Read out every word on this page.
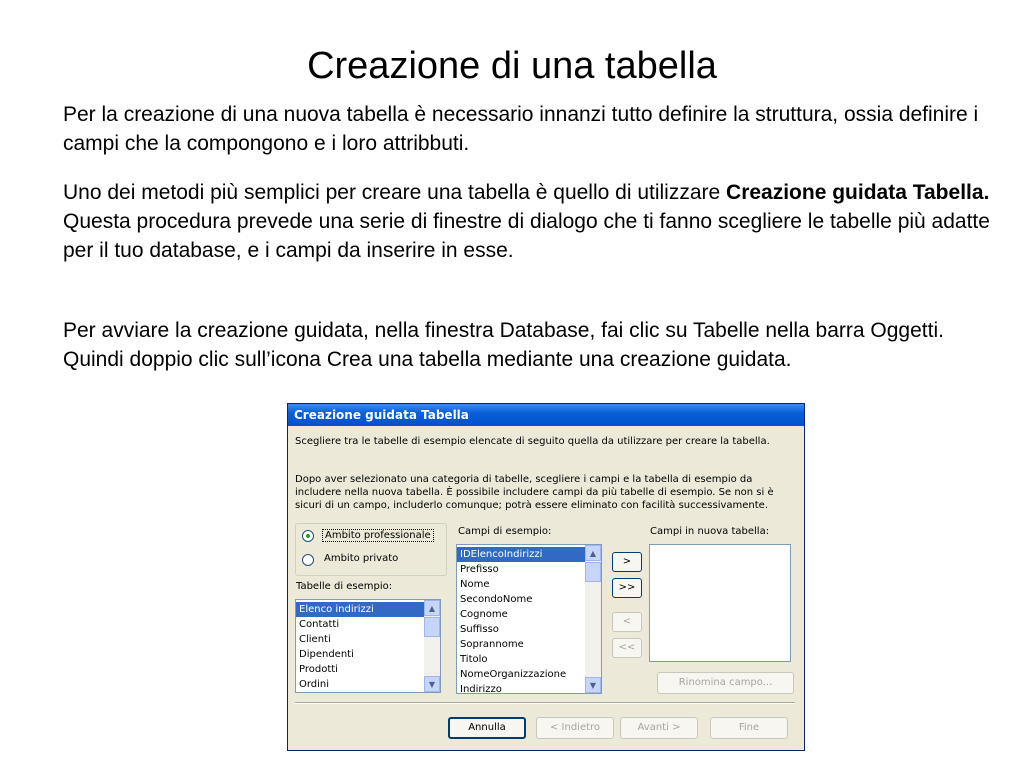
Creazione di una tabella

Per la creazione di una nuova tabella è necessario innanzi tutto definire la struttura, ossia definire i campi che la compongono e i loro attribbuti.

Uno dei metodi più semplici per creare una tabella è quello di utilizzare Creazione guidata Tabella. Questa procedura prevede una serie di finestre di dialogo che ti fanno scegliere le tabelle più adatte per il tuo database, e i campi da inserire in esse.

Per avviare la creazione guidata, nella finestra Database, fai clic su Tabelle nella barra Oggetti. Quindi doppio clic sull’icona Crea una tabella mediante una creazione guidata.

Creazione guidata Tabella

Scegliere tra le tabelle di esempio elencate di seguito quella da utilizzare per creare la tabella.

Dopo aver selezionato una categoria di tabelle, scegliere i campi e la tabella di esempio da includere nella nuova tabella. È possibile includere campi da più tabelle di esempio. Se non si è sicuri di un campo, includerlo comunque; potrà essere eliminato con facilità successivamente.

Ambito professionale
Ambito privato
Tabelle di esempio:
Elenco indirizzi
Contatti
Clienti
Dipendenti
Prodotti
Ordini
▲
▼
Campi di esempio:
IDElencoIndirizzi
Prefisso
Nome
SecondoNome
Cognome
Suffisso
Soprannome
Titolo
NomeOrganizzazione
Indirizzo
▲
▼
>
>>
<
<<
Campi in nuova tabella:
Rinomina campo...
Annulla	< Indietro	Avanti >	Fine
